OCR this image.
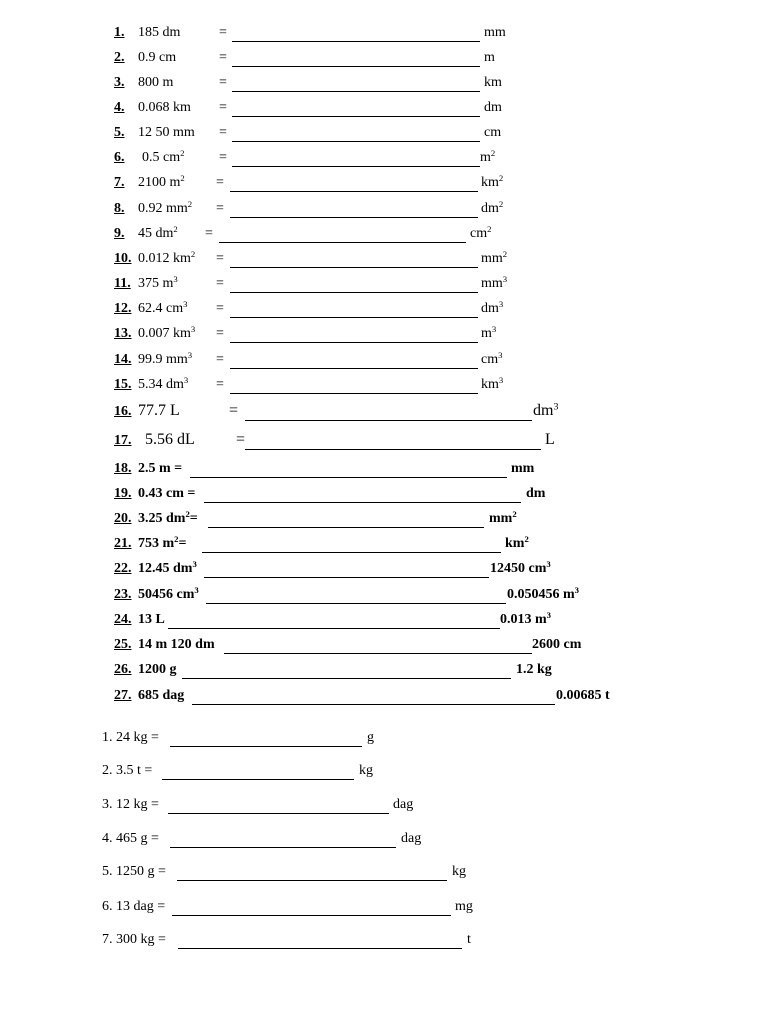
1. 185 dm	=	mm
2. 0.9 cm	=	m
3. 800 m	=	km
4. 0.068 km =	dm
5. 12 50 mm =	cm
6. 0.5 $cm^2$ =	$m^2$
7. 2100 $m^2$ =	$km^2$
8. 0.92 $mm^2$ =	$dm^2$
9. 45 $dm^2$ =	$cm^2$
10. 0.012 $km^2$ =	$mm^2$
11. 375 $m^3$	=	$mm^3$
12. 62.4 $cm^3$ =	$dm^3$
13. 0.007 $km^3$ =	$m^3$
14. 99.9 $mm^3$ =	$cm^3$
15. 5.34 $dm^3$ =	$km^3$
16. 77.7 L	=	$dm^3$
17. 5.56 dL	=	L
18. 2.5 m =	mm
19. 0.43 cm =	dm
20. 3.25 $dm^2=$	$mm^2$
21. 753 $m^2=$	$km^2$
22. 12.45 $dm^3$	12450 $cm^3$
23. 50456 $cm^3$	0.050456 $m^3$
24. 13 L	0.013 $m^3$
25. 14 m 120 dm	2600 cm
26. 1200 g	1.2 kg
27. 685 dag	0.00685 t
1. 24 kg =	g
2. 3.5 t =	kg
3. 12 kg =	dag
4. 465 g =	dag
5. 1250 g =	kg
6. 13 dag =	mg
7. 300 kg =	t
